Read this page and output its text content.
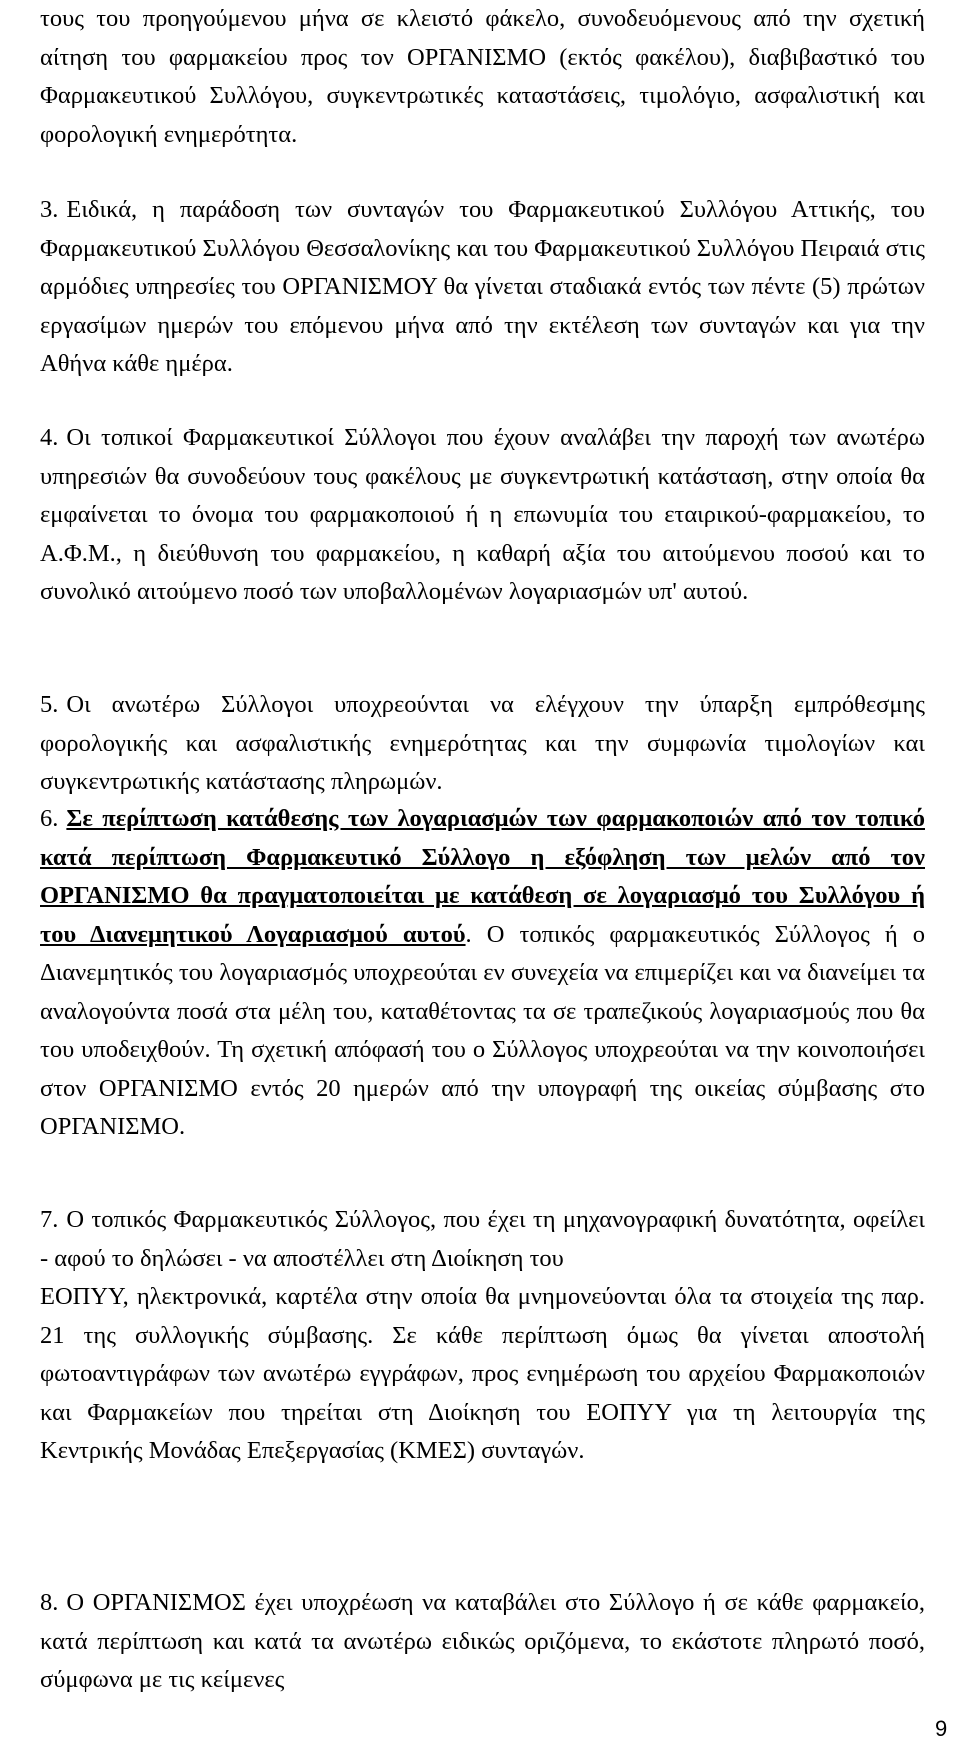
τους του προηγούμενου μήνα σε κλειστό φάκελο, συνοδευόμενους από την σχετική αίτηση του φαρμακείου προς τον ΟΡΓΑΝΙΣΜΟ (εκτός φακέλου), διαβιβαστικό του Φαρμακευτικού Συλλόγου, συγκεντρωτικές καταστάσεις, τιμολόγιο, ασφαλιστική και φορολογική ενημερότητα.

3. Ειδικά, η παράδοση των συνταγών του Φαρμακευτικού Συλλόγου Αττικής, του Φαρμακευτικού Συλλόγου Θεσσαλονίκης και του Φαρμακευτικού Συλλόγου Πειραιά στις αρμόδιες υπηρεσίες του ΟΡΓΑΝΙΣΜΟΥ θα γίνεται σταδιακά εντός των πέντε (5) πρώτων εργασίμων ημερών του επόμενου μήνα από την εκτέλεση των συνταγών και για την Αθήνα κάθε ημέρα.

4. Οι τοπικοί Φαρμακευτικοί Σύλλογοι που έχουν αναλάβει την παροχή των ανωτέρω υπηρεσιών θα συνοδεύουν τους φακέλους με συγκεντρωτική κατάσταση, στην οποία θα εμφαίνεται το όνομα του φαρμακοποιού ή η επωνυμία του εταιρικού-φαρμακείου, το Α.Φ.Μ., η διεύθυνση του φαρμακείου, η καθαρή αξία του αιτούμενου ποσού και το συνολικό αιτούμενο ποσό των υποβαλλομένων λογαριασμών υπ' αυτού.

5. Οι ανωτέρω Σύλλογοι υποχρεούνται να ελέγχουν την ύπαρξη εμπρόθεσμης φορολογικής και ασφαλιστικής ενημερότητας και την συμφωνία τιμολογίων και συγκεντρωτικής κατάστασης πληρωμών.

6. Σε περίπτωση κατάθεσης των λογαριασμών των φαρμακοποιών από τον τοπικό κατά περίπτωση Φαρμακευτικό Σύλλογο η εξόφληση των μελών από τον ΟΡΓΑΝΙΣΜΟ θα πραγματοποιείται με κατάθεση σε λογαριασμό του Συλλόγου ή του Διανεμητικού Λογαριασμού αυτού. Ο τοπικός φαρμακευτικός Σύλλογος ή ο Διανεμητικός του λογαριασμός υποχρεούται εν συνεχεία να επιμερίζει και να διανείμει τα αναλογούντα ποσά στα μέλη του, καταθέτοντας τα σε τραπεζικούς λογαριασμούς που θα του υποδειχθούν. Τη σχετική απόφασή του ο Σύλλογος υποχρεούται να την κοινοποιήσει στον ΟΡΓΑΝΙΣΜΟ εντός 20 ημερών από την υπογραφή της οικείας σύμβασης στο ΟΡΓΑΝΙΣΜΟ.

7. Ο τοπικός Φαρμακευτικός Σύλλογος, που έχει τη μηχανογραφική δυνατότητα, οφείλει - αφού το δηλώσει - να αποστέλλει στη Διοίκηση του
ΕΟΠΥΥ, ηλεκτρονικά, καρτέλα στην οποία θα μνημονεύονται όλα τα στοιχεία της παρ. 21 της συλλογικής σύμβασης. Σε κάθε περίπτωση όμως θα γίνεται αποστολή φωτοαντιγράφων των ανωτέρω εγγράφων, προς ενημέρωση του αρχείου Φαρμακοποιών και Φαρμακείων που τηρείται στη Διοίκηση του ΕΟΠΥΥ για τη λειτουργία της Κεντρικής Μονάδας Επεξεργασίας (ΚΜΕΣ) συνταγών.

8. Ο ΟΡΓΑΝΙΣΜΟΣ έχει υποχρέωση να καταβάλει στο Σύλλογο ή σε κάθε φαρμακείο, κατά περίπτωση και κατά τα ανωτέρω ειδικώς οριζόμενα, το εκάστοτε πληρωτό ποσό, σύμφωνα με τις κείμενες

9
